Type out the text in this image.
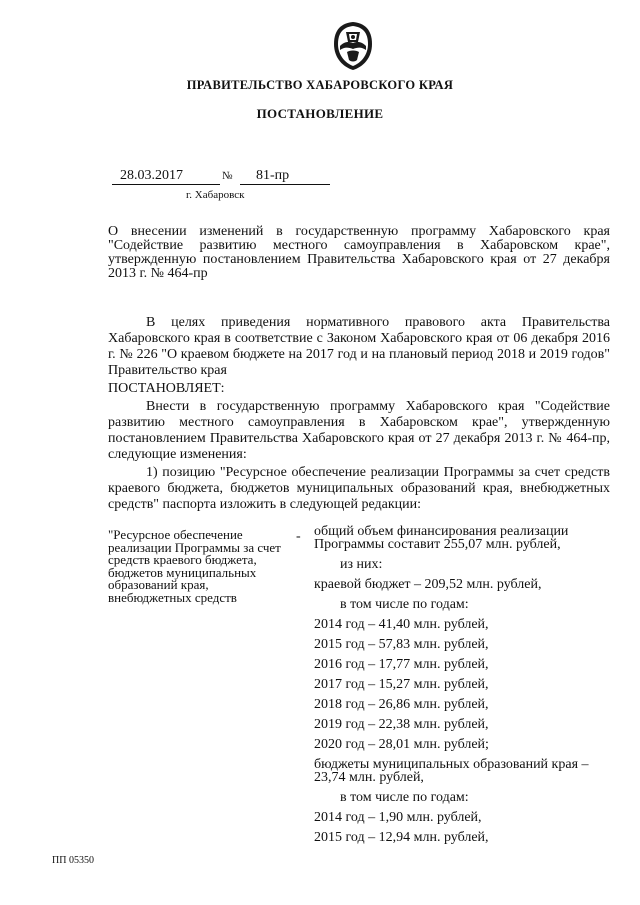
ПРАВИТЕЛЬСТВО ХАБАРОВСКОГО КРАЯ
ПОСТАНОВЛЕНИЕ
28.03.2017	№	81-пр
г. Хабаровск
О внесении изменений в государственную программу Хабаровского края "Содействие развитию местного самоуправления в Хабаровском крае", утвержденную постановлением Правительства Хабаровского края от 27 декабря 2013 г. № 464-пр
В целях приведения нормативного правового акта Правительства Хабаровского края в соответствие с Законом Хабаровского края от 06 декабря 2016 г. № 226 "О краевом бюджете на 2017 год и на плановый период 2018 и 2019 годов" Правительство края
ПОСТАНОВЛЯЕТ:
Внести в государственную программу Хабаровского края "Содействие развитию местного самоуправления в Хабаровском крае", утвержденную постановлением Правительства Хабаровского края от 27 декабря 2013 г. № 464-пр, следующие изменения:
1) позицию "Ресурсное обеспечение реализации Программы за счет средств краевого бюджета, бюджетов муниципальных образований края, внебюджетных средств" паспорта изложить в следующей редакции:
"Ресурсное обеспечение реализации Программы за счет средств краевого бюджета, бюджетов муниципальных образований края, внебюджетных средств
- общий объем финансирования реализации Программы составит 255,07 млн. рублей,
из них:
краевой бюджет – 209,52 млн. рублей,
в том числе по годам:
2014 год – 41,40 млн. рублей,
2015 год – 57,83 млн. рублей,
2016 год – 17,77 млн. рублей,
2017 год – 15,27 млн. рублей,
2018 год – 26,86 млн. рублей,
2019 год – 22,38 млн. рублей,
2020 год – 28,01 млн. рублей;
бюджеты муниципальных образований края – 23,74 млн. рублей,
в том числе по годам:
2014 год – 1,90 млн. рублей,
2015 год – 12,94 млн. рублей,
ПП 05350
